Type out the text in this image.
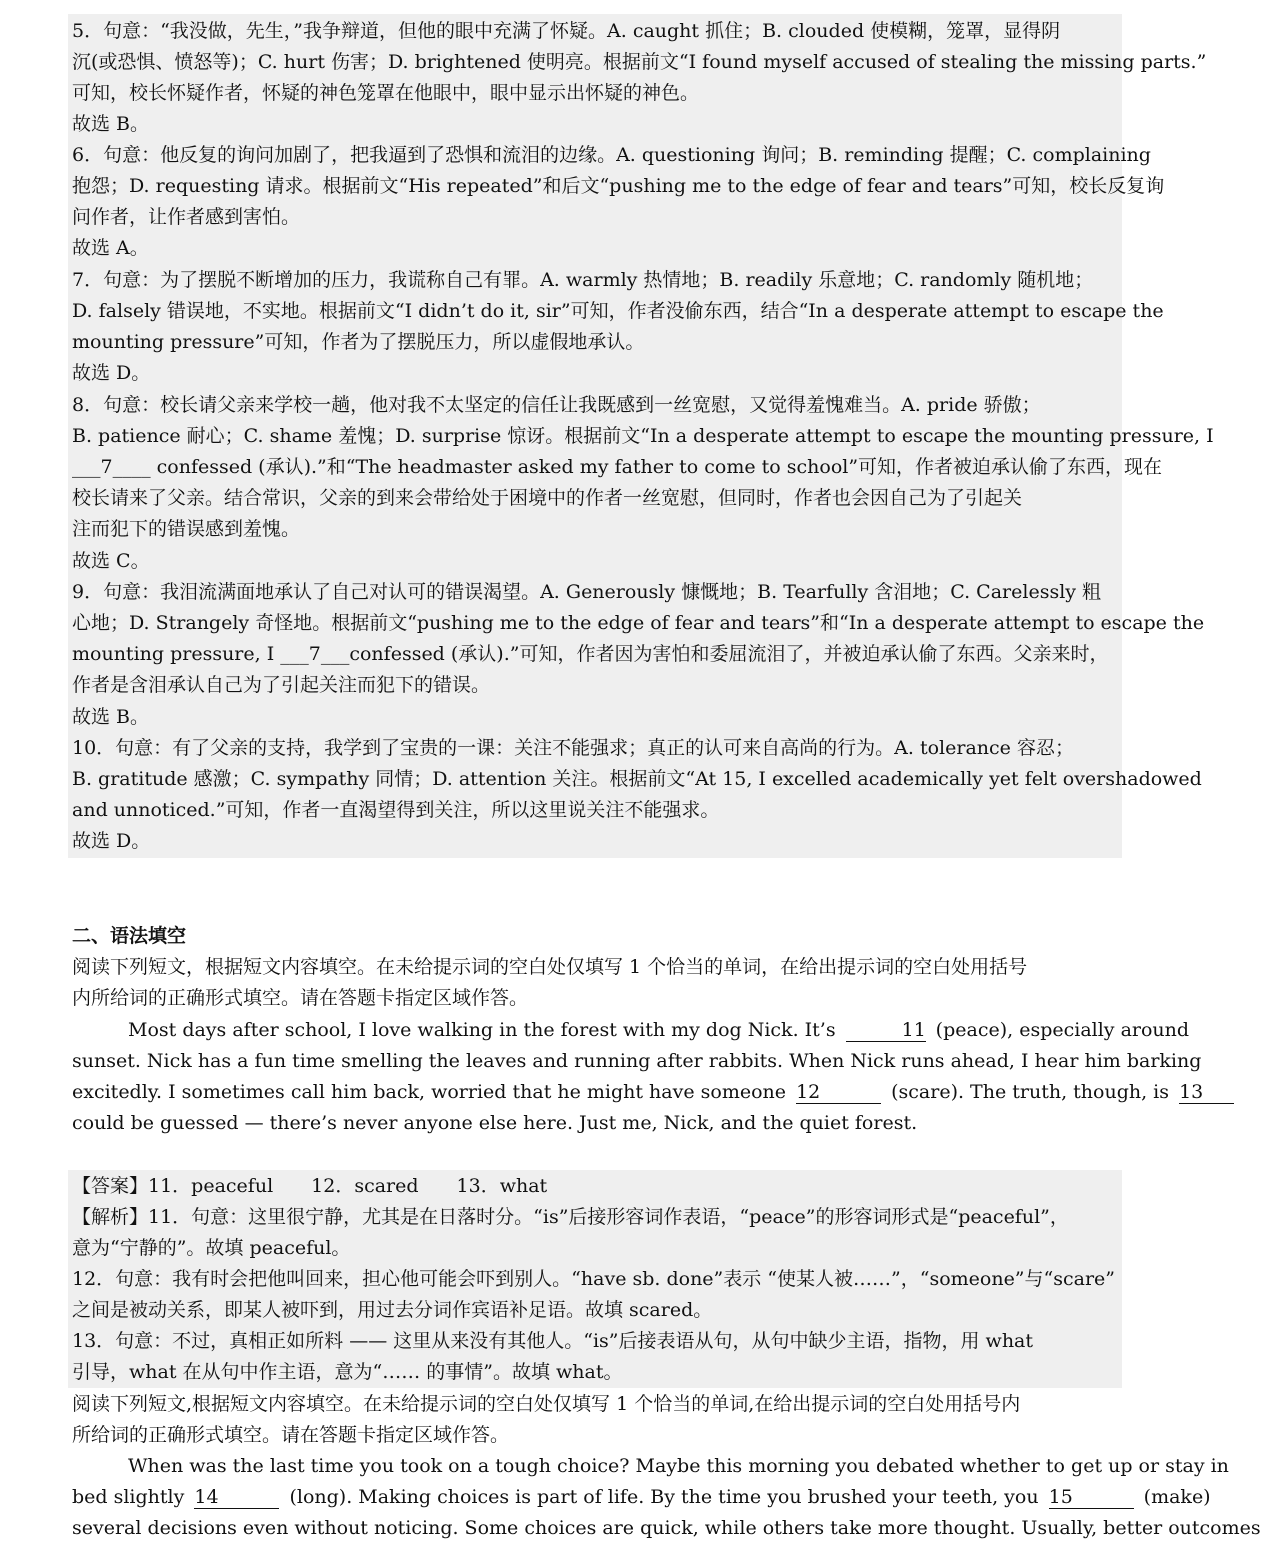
5．句意：“我没做，先生，”我争辩道，但他的眼中充满了怀疑。A. caught 抓住；B. clouded 使模糊，笼罩，显得阴
沉(或恐惧、愤怒等)；C. hurt 伤害；D. brightened 使明亮。根据前文“I found myself accused of stealing the missing parts.”
可知，校长怀疑作者，怀疑的神色笼罩在他眼中，眼中显示出怀疑的神色。
故选 B。
6．句意：他反复的询问加剧了，把我逼到了恐惧和流泪的边缘。A. questioning 询问；B. reminding 提醒；C. complaining
抱怨；D. requesting 请求。根据前文“His repeated”和后文“pushing me to the edge of fear and tears”可知，校长反复询
问作者，让作者感到害怕。
故选 A。
7．句意：为了摆脱不断增加的压力，我谎称自己有罪。A. warmly 热情地；B. readily 乐意地；C. randomly 随机地；
D. falsely 错误地，不实地。根据前文“I didn’t do it, sir”可知，作者没偷东西，结合“In a desperate attempt to escape the
mounting pressure”可知，作者为了摆脱压力，所以虚假地承认。
故选 D。
8．句意：校长请父亲来学校一趟，他对我不太坚定的信任让我既感到一丝宽慰，又觉得羞愧难当。A. pride 骄傲；
B. patience 耐心；C. shame 羞愧；D. surprise 惊讶。根据前文“In a desperate attempt to escape the mounting pressure, I
___7____ confessed (承认).”和“The headmaster asked my father to come to school”可知，作者被迫承认偷了东西，现在
校长请来了父亲。结合常识，父亲的到来会带给处于困境中的作者一丝宽慰，但同时，作者也会因自己为了引起关
注而犯下的错误感到羞愧。
故选 C。
9．句意：我泪流满面地承认了自己对认可的错误渴望。A. Generously 慷慨地；B. Tearfully 含泪地；C. Carelessly 粗
心地；D. Strangely 奇怪地。根据前文“pushing me to the edge of fear and tears”和“In a desperate attempt to escape the
mounting pressure, I ___7___confessed (承认).”可知，作者因为害怕和委屈流泪了，并被迫承认偷了东西。父亲来时，
作者是含泪承认自己为了引起关注而犯下的错误。
故选 B。
10．句意：有了父亲的支持，我学到了宝贵的一课：关注不能强求；真正的认可来自高尚的行为。A. tolerance 容忍；
B. gratitude 感激；C. sympathy 同情；D. attention 关注。根据前文“At 15, I excelled academically yet felt overshadowed
and unnoticed.”可知，作者一直渴望得到关注，所以这里说关注不能强求。
故选 D。
二、语法填空
阅读下列短文，根据短文内容填空。在未给提示词的空白处仅填写 1 个恰当的单词，在给出提示词的空白处用括号
内所给词的正确形式填空。请在答题卡指定区域作答。
Most days after school, I love walking in the forest with my dog Nick. It’s	11 (peace), especially around
sunset. Nick has a fun time smelling the leaves and running after rabbits. When Nick runs ahead, I hear him barking
excitedly. I sometimes call him back, worried that he might have someone 12	(scare). The truth, though, is 13
could be guessed — there’s never anyone else here. Just me, Nick, and the quiet forest.
【答案】11．peaceful　　12．scared　　13．what
【解析】11．句意：这里很宁静，尤其是在日落时分。“is”后接形容词作表语，“peace”的形容词形式是“peaceful”，
意为“宁静的”。故填 peaceful。
12．句意：我有时会把他叫回来，担心他可能会吓到别人。“have sb. done”表示 “使某人被……”，“someone”与“scare”
之间是被动关系，即某人被吓到，用过去分词作宾语补足语。故填 scared。
13．句意：不过，真相正如所料 —— 这里从来没有其他人。“is”后接表语从句，从句中缺少主语，指物，用 what
引导，what 在从句中作主语，意为“…… 的事情”。故填 what。
阅读下列短文,根据短文内容填空。在未给提示词的空白处仅填写 1 个恰当的单词,在给出提示词的空白处用括号内
所给词的正确形式填空。请在答题卡指定区域作答。
When was the last time you took on a tough choice? Maybe this morning you debated whether to get up or stay in
bed slightly 14	(long). Making choices is part of life. By the time you brushed your teeth, you 15	(make)
several decisions even without noticing. Some choices are quick, while others take more thought. Usually, better outcomes
